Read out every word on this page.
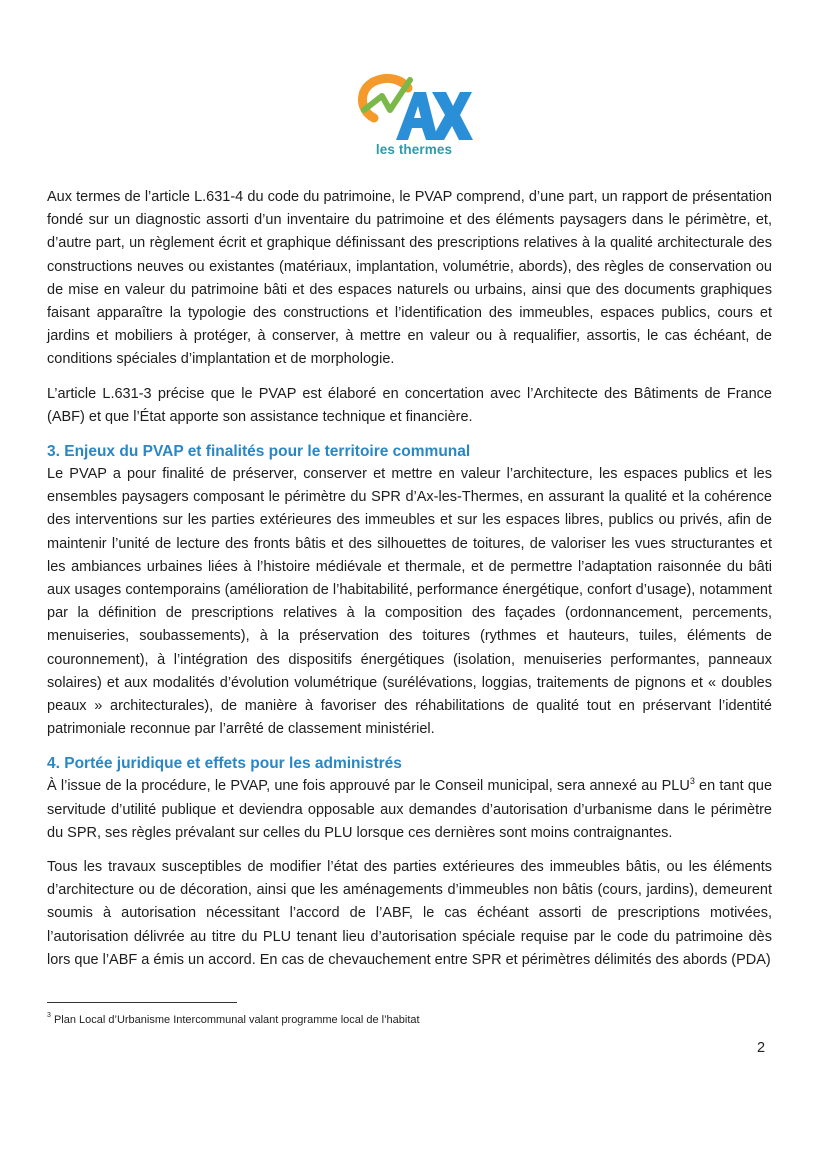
les thermes

Aux termes de l’article L.631-4 du code du patrimoine, le PVAP comprend, d’une part, un rapport de présentation fondé sur un diagnostic assorti d’un inventaire du patrimoine et des éléments paysagers dans le périmètre, et, d’autre part, un règlement écrit et graphique définissant des prescriptions relatives à la qualité architecturale des constructions neuves ou existantes (matériaux, implantation, volumétrie, abords), des règles de conservation ou de mise en valeur du patrimoine bâti et des espaces naturels ou urbains, ainsi que des documents graphiques faisant apparaître la typologie des constructions et l’identification des immeubles, espaces publics, cours et jardins et mobiliers à protéger, à conserver, à mettre en valeur ou à requalifier, assortis, le cas échéant, de conditions spéciales d’implantation et de morphologie.

L’article L.631-3 précise que le PVAP est élaboré en concertation avec l’Architecte des Bâtiments de France (ABF) et que l’État apporte son assistance technique et financière.

3. Enjeux du PVAP et finalités pour le territoire communal

Le PVAP a pour finalité de préserver, conserver et mettre en valeur l’architecture, les espaces publics et les ensembles paysagers composant le périmètre du SPR d’Ax-les-Thermes, en assurant la qualité et la cohérence des interventions sur les parties extérieures des immeubles et sur les espaces libres, publics ou privés, afin de maintenir l’unité de lecture des fronts bâtis et des silhouettes de toitures, de valoriser les vues structurantes et les ambiances urbaines liées à l’histoire médiévale et thermale, et de permettre l’adaptation raisonnée du bâti aux usages contemporains (amélioration de l’habitabilité, performance énergétique, confort d’usage), notamment par la définition de prescriptions relatives à la composition des façades (ordonnancement, percements, menuiseries, soubassements), à la préservation des toitures (rythmes et hauteurs, tuiles, éléments de couronnement), à l’intégration des dispositifs énergétiques (isolation, menuiseries performantes, panneaux solaires) et aux modalités d’évolution volumétrique (surélévations, loggias, traitements de pignons et « doubles peaux » architecturales), de manière à favoriser des réhabilitations de qualité tout en préservant l’identité patrimoniale reconnue par l’arrêté de classement ministériel.

4. Portée juridique et effets pour les administrés

À l’issue de la procédure, le PVAP, une fois approuvé par le Conseil municipal, sera annexé au PLU$^3$ en tant que servitude d’utilité publique et deviendra opposable aux demandes d’autorisation d’urbanisme dans le périmètre du SPR, ses règles prévalant sur celles du PLU lorsque ces dernières sont moins contraignantes.

Tous les travaux susceptibles de modifier l’état des parties extérieures des immeubles bâtis, ou les éléments d’architecture ou de décoration, ainsi que les aménagements d’immeubles non bâtis (cours, jardins), demeurent soumis à autorisation nécessitant l’accord de l’ABF, le cas échéant assorti de prescriptions motivées, l’autorisation délivrée au titre du PLU tenant lieu d’autorisation spéciale requise par le code du patrimoine dès lors que l’ABF a émis un accord. En cas de chevauchement entre SPR et périmètres délimités des abords (PDA)

$^3$ Plan Local d’Urbanisme Intercommunal valant programme local de l’habitat
2
